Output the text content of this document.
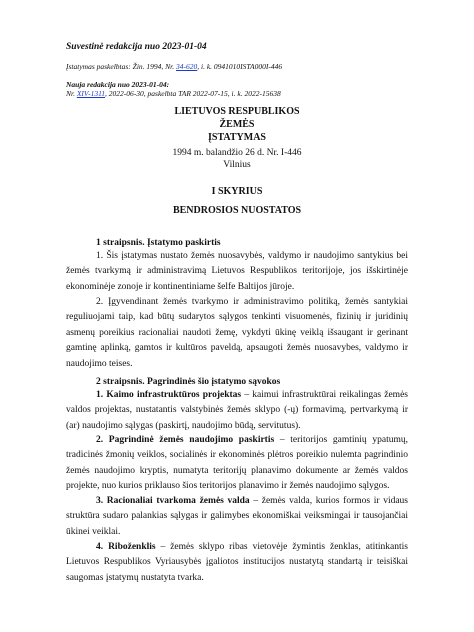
Suvestinė redakcija nuo 2023-01-04
Įstatymas paskelbtas: Žin. 1994, Nr. 34-620, i. k. 0941010ISTA000I-446
Nauja redakcija nuo 2023-01-04:
Nr. XIV-1311, 2022-06-30, paskelbta TAR 2022-07-15, i. k. 2022-15638
LIETUVOS RESPUBLIKOS
ŽEMĖS
ĮSTATYMAS
1994 m. balandžio 26 d. Nr. I-446
Vilnius
I SKYRIUS
BENDROSIOS NUOSTATOS
1 straipsnis. Įstatymo paskirtis

1. Šis įstatymas nustato žemės nuosavybės, valdymo ir naudojimo santykius bei žemės tvarkymą ir administravimą Lietuvos Respublikos teritorijoje, jos išskirtinėje ekonominėje zonoje ir kontinentiniame šelfe Baltijos jūroje.

2. Įgyvendinant žemės tvarkymo ir administravimo politiką, žemės santykiai reguliuojami taip, kad būtų sudarytos sąlygos tenkinti visuomenės, fizinių ir juridinių asmenų poreikius racionaliai naudoti žemę, vykdyti ūkinę veiklą išsaugant ir gerinant gamtinę aplinką, gamtos ir kultūros paveldą, apsaugoti žemės nuosavybes, valdymo ir naudojimo teises.

2 straipsnis. Pagrindinės šio įstatymo sąvokos

1. Kaimo infrastruktūros projektas – kaimui infrastruktūrai reikalingas žemės valdos projektas, nustatantis valstybinės žemės sklypo (-ų) formavimą, pertvarkymą ir (ar) naudojimo sąlygas (paskirtį, naudojimo būdą, servitutus).

2. Pagrindinė žemės naudojimo paskirtis – teritorijos gamtinių ypatumų, tradicinės žmonių veiklos, socialinės ir ekonominės plėtros poreikio nulemta pagrindinio žemės naudojimo kryptis, numatyta teritorijų planavimo dokumente ar žemės valdos projekte, nuo kurios priklauso šios teritorijos planavimo ir žemės naudojimo sąlygos.

3. Racionaliai tvarkoma žemės valda – žemės valda, kurios formos ir vidaus struktūra sudaro palankias sąlygas ir galimybes ekonomiškai veiksmingai ir tausojančiai ūkinei veiklai.

4. Riboženklis – žemės sklypo ribas vietovėje žymintis ženklas, atitinkantis Lietuvos Respublikos Vyriausybės įgaliotos institucijos nustatytą standartą ir teisiškai saugomas įstatymų nustatyta tvarka.
